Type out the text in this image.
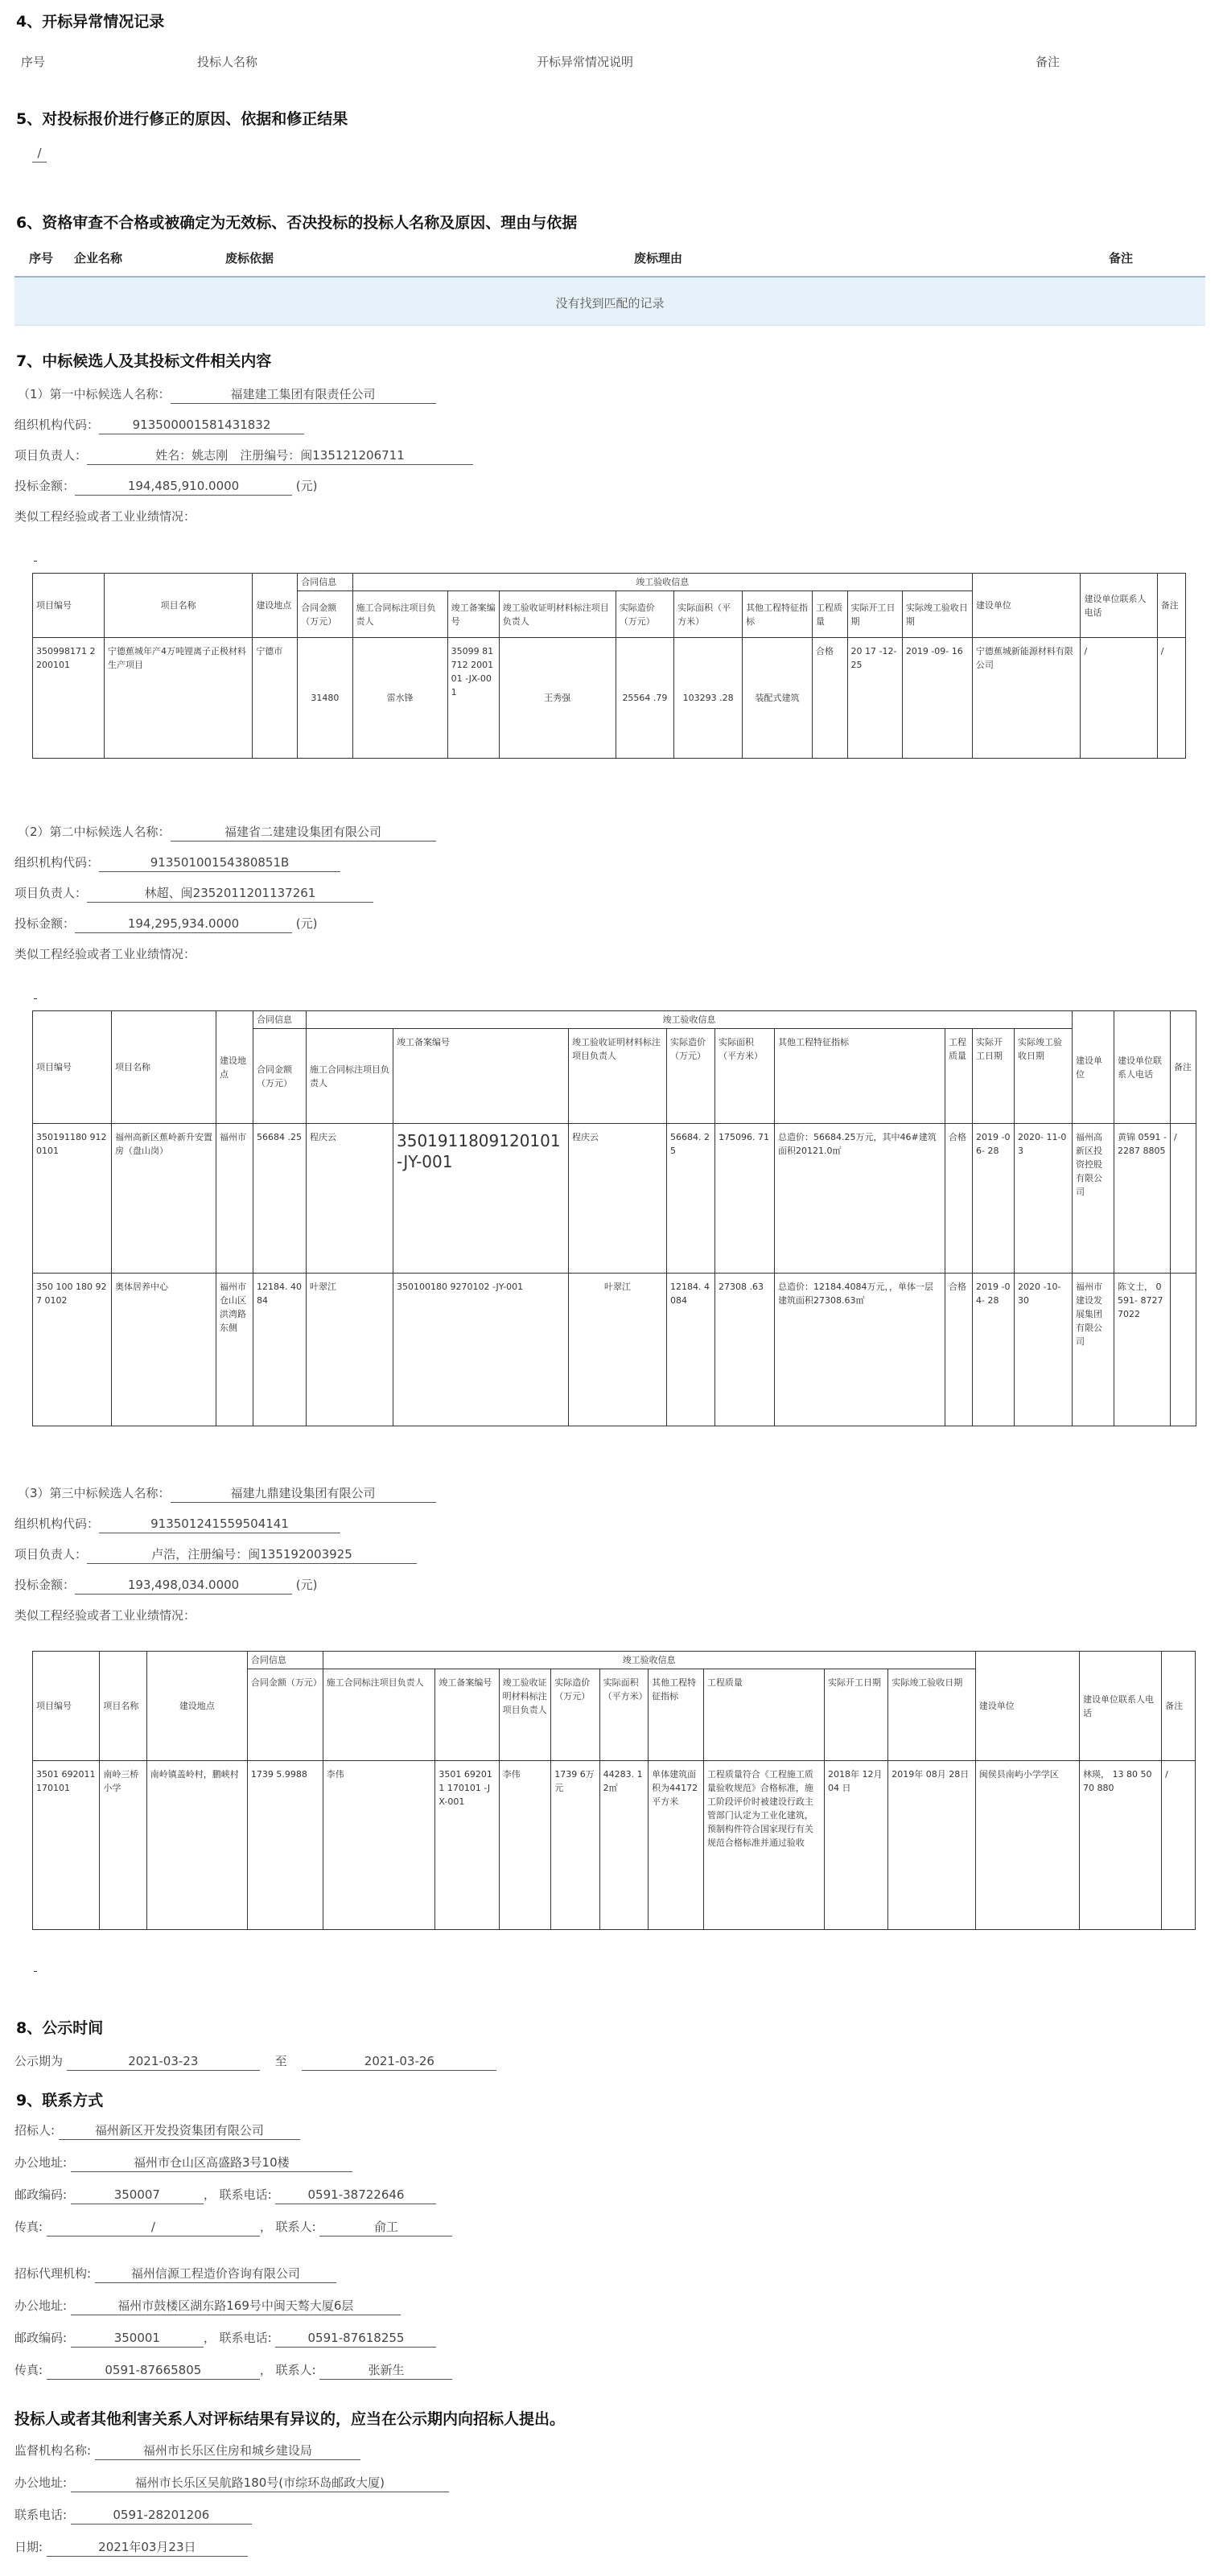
4、开标异常情况记录
序号	投标人名称	开标异常情况说明	备注
5、对投标报价进行修正的原因、依据和修正结果
/
6、资格审查不合格或被确定为无效标、否决投标的投标人名称及原因、理由与依据
序号 企业名称	废标依据	废标理由	备注
没有找到匹配的记录
7、中标候选人及其投标文件相关内容
（1）第一中标候选人名称：	福建建工集团有限责任公司
组织机构代码：	91350000158143183​2
项目负责人：	姓名：姚志刚　注册编号：闽135121206711
投标金额：	194,485,910.0000	(元)
类似工程经验或者工业业绩情况：
项目编号	项目名称	建设地点	合同信息	竣工验收信息									建设单位	建设单位联系人电话	备注
			合同金额（万元）	施工合同标注项目负责人	竣工备案编号	竣工验收证明材料标注项目负责人	实际造价（万元）	实际面积（平方米）	其他工程特征指标	工程质量	实际开工日期	实际竣工验收日期			
350998171 2200101	宁德蕉城年产4万吨锂离子正极材料生产项目	宁德市	31480	雷水锋	35099 81712 200101 -JX-001	王秀强	25564 .79	103293 .28	装配式建筑	合格	20 17 -12- 25	2019 -09- 16	宁德蕉城新能源材料有限公司	/	/
（2）第二中标候选人名称：	福建省二建建设集团有限公司
组织机构代码：	913501001543808​51B
项目负责人：	林超、闽2352011201137261
投标金额：	194,295,934.0000	(元)
类似工程经验或者工业业绩情况：
项目编号	项目名称	建设地点	合同信息	竣工验收信息									建设单位	建设单位联系人电话	备注
			合同金额（万元）	施工合同标注项目负责人	竣工备案编号	竣工验收证明材料标注项目负责人	实际造价（万元）	实际面积（平方米）	其他工程特征指标	工程质量	实际开工日期	实际竣工验收日期			
350191180 9120101	福州高新区蕉岭新升安置房（盘山岗）	福州市	56684 .25	程庆云	3501911809120101-JY-001	程庆云	56684. 25	175096. 71	总造价：56684.25万元，其中46#建筑面积20121.0㎡	合格	2019 -06- 28	2020- 11-03	福州高新区投资控股有限公司	黄锦 0591 -2287 8805	/
350 100 180 927 0102	奥体居养中心	福州市仓山区洪湾路东侧	12184. 4084	叶翠江	350100180 9270102 -JY-001	叶翠江	12184. 4084	27308 .63	总造价：12184.4084万元，，单体一层建筑面积27308.63㎡	合格	2019 -04- 28	2020 -10- 30	福州市建设发展集团有限公司	陈文士， 0591- 8727 7022	
（3）第三中标候选人名称：	福建九鼎建设集团有限公司
组织机构代码：	91350124155950414​1
项目负责人：	卢浩，注册编号：闽135192003925
投标金额：	193,498,034.0000	(元)
类似工程经验或者工业业绩情况：
项目编号	项目名称	建设地点	合同信息	竣工验收信息									建设单位	建设单位联系人电话	备注
			合同金额（万元）	施工合同标注项目负责人	竣工备案编号	竣工验收证明材料标注项目负责人	实际造价（万元）	实际面积（平方米）	其他工程特征指标	工程质量	实际开工日期	实际竣工验收日期			
3501 692011 170101	南岭三桥小学	南岭镇盖岭村，鹏峡村	1739 5.9988	李伟	3501 692011 170101 -JX-001	李伟	1739 6万元	44283. 12㎡	单体建筑面积为44172平方米	工程质量符合《工程施工质量验收规范》合格标准，施工阶段评价时被建设行政主管部门认定为工业化建筑，预制构件符合国家现行有关规范合格标准并通过验收	2018年 12月 04 日	2019年 08月 28日	闽侯县南屿小学学区	林瑛， 13 80 50 70 880	/
8、公示时间
公示期为	2021-03-23	至	2021-03-26
9、联系方式
招标人:	福州新区开发投资集团有限公司
办公地址:	福州市仓山区高盛路3号10楼
邮政编码:	350007	， 联系电话:	0591-38722646
传真:	/	， 联系人:	俞工
招标代理机构:	福州信源工程造价咨询有限公司
办公地址:	福州市鼓楼区湖东路169号中闽天骜大厦6层
邮政编码:	350001	， 联系电话:	0591-87618255
传真:	0591-87665805	， 联系人:	张新生
投标人或者其他利害关系人对评标结果有异议的，应当在公示期内向招标人提出。
监督机构名称:	福州市长乐区住房和城乡建设局
办公地址:	福州市长乐区吴航路180号(市综环岛邮政大厦)
联系电话:	0591-28201206
日期:	2021年03月23日
